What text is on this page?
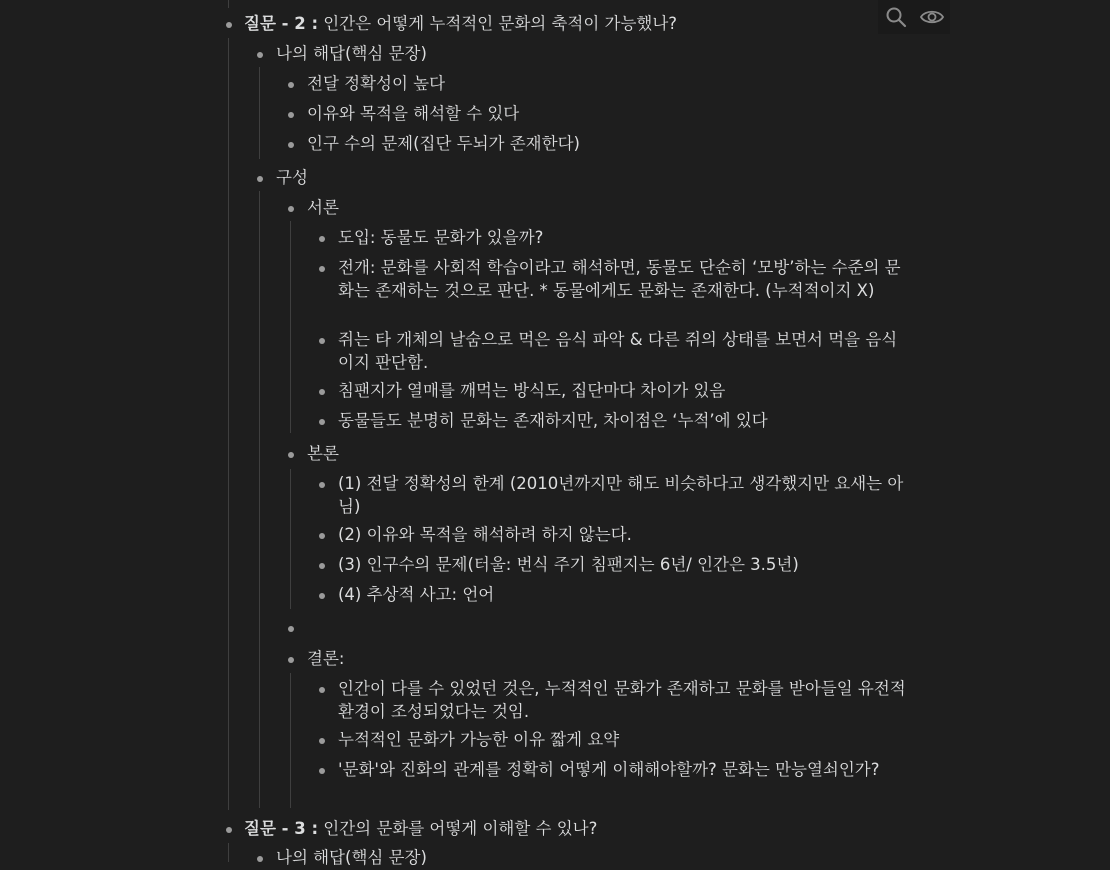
질문 - 2 : 인간은 어떻게 누적적인 문화의 축적이 가능했나?
나의 해답(핵심 문장)
전달 정확성이 높다
이유와 목적을 해석할 수 있다
인구 수의 문제(집단 두뇌가 존재한다)
구성
서론
도입: 동물도 문화가 있을까?
전개: 문화를 사회적 학습이라고 해석하면, 동물도 단순히 ‘모방’하는 수준의 문화는 존재하는 것으로 판단. * 동물에게도 문화는 존재한다. (누적적이지 X)
쥐는 타 개체의 날숨으로 먹은 음식 파악 & 다른 쥐의 상태를 보면서 먹을 음식이지 판단함.
침팬지가 열매를 깨먹는 방식도, 집단마다 차이가 있음
동물들도 분명히 문화는 존재하지만, 차이점은 ‘누적’에 있다
본론
(1) 전달 정확성의 한계 (2010년까지만 해도 비슷하다고 생각했지만 요새는 아님)
(2) 이유와 목적을 해석하려 하지 않는다.
(3) 인구수의 문제(터울: 번식 주기 침팬지는 6년/ 인간은 3.5년)
(4) 추상적 사고: 언어

결론:
인간이 다를 수 있었던 것은, 누적적인 문화가 존재하고 문화를 받아들일 유전적 환경이 조성되었다는 것임.
누적적인 문화가 가능한 이유 짧게 요약
'문화'와 진화의 관계를 정확히 어떻게 이해해야할까? 문화는 만능열쇠인가?
질문 - 3 : 인간의 문화를 어떻게 이해할 수 있나?
나의 해답(핵심 문장)
